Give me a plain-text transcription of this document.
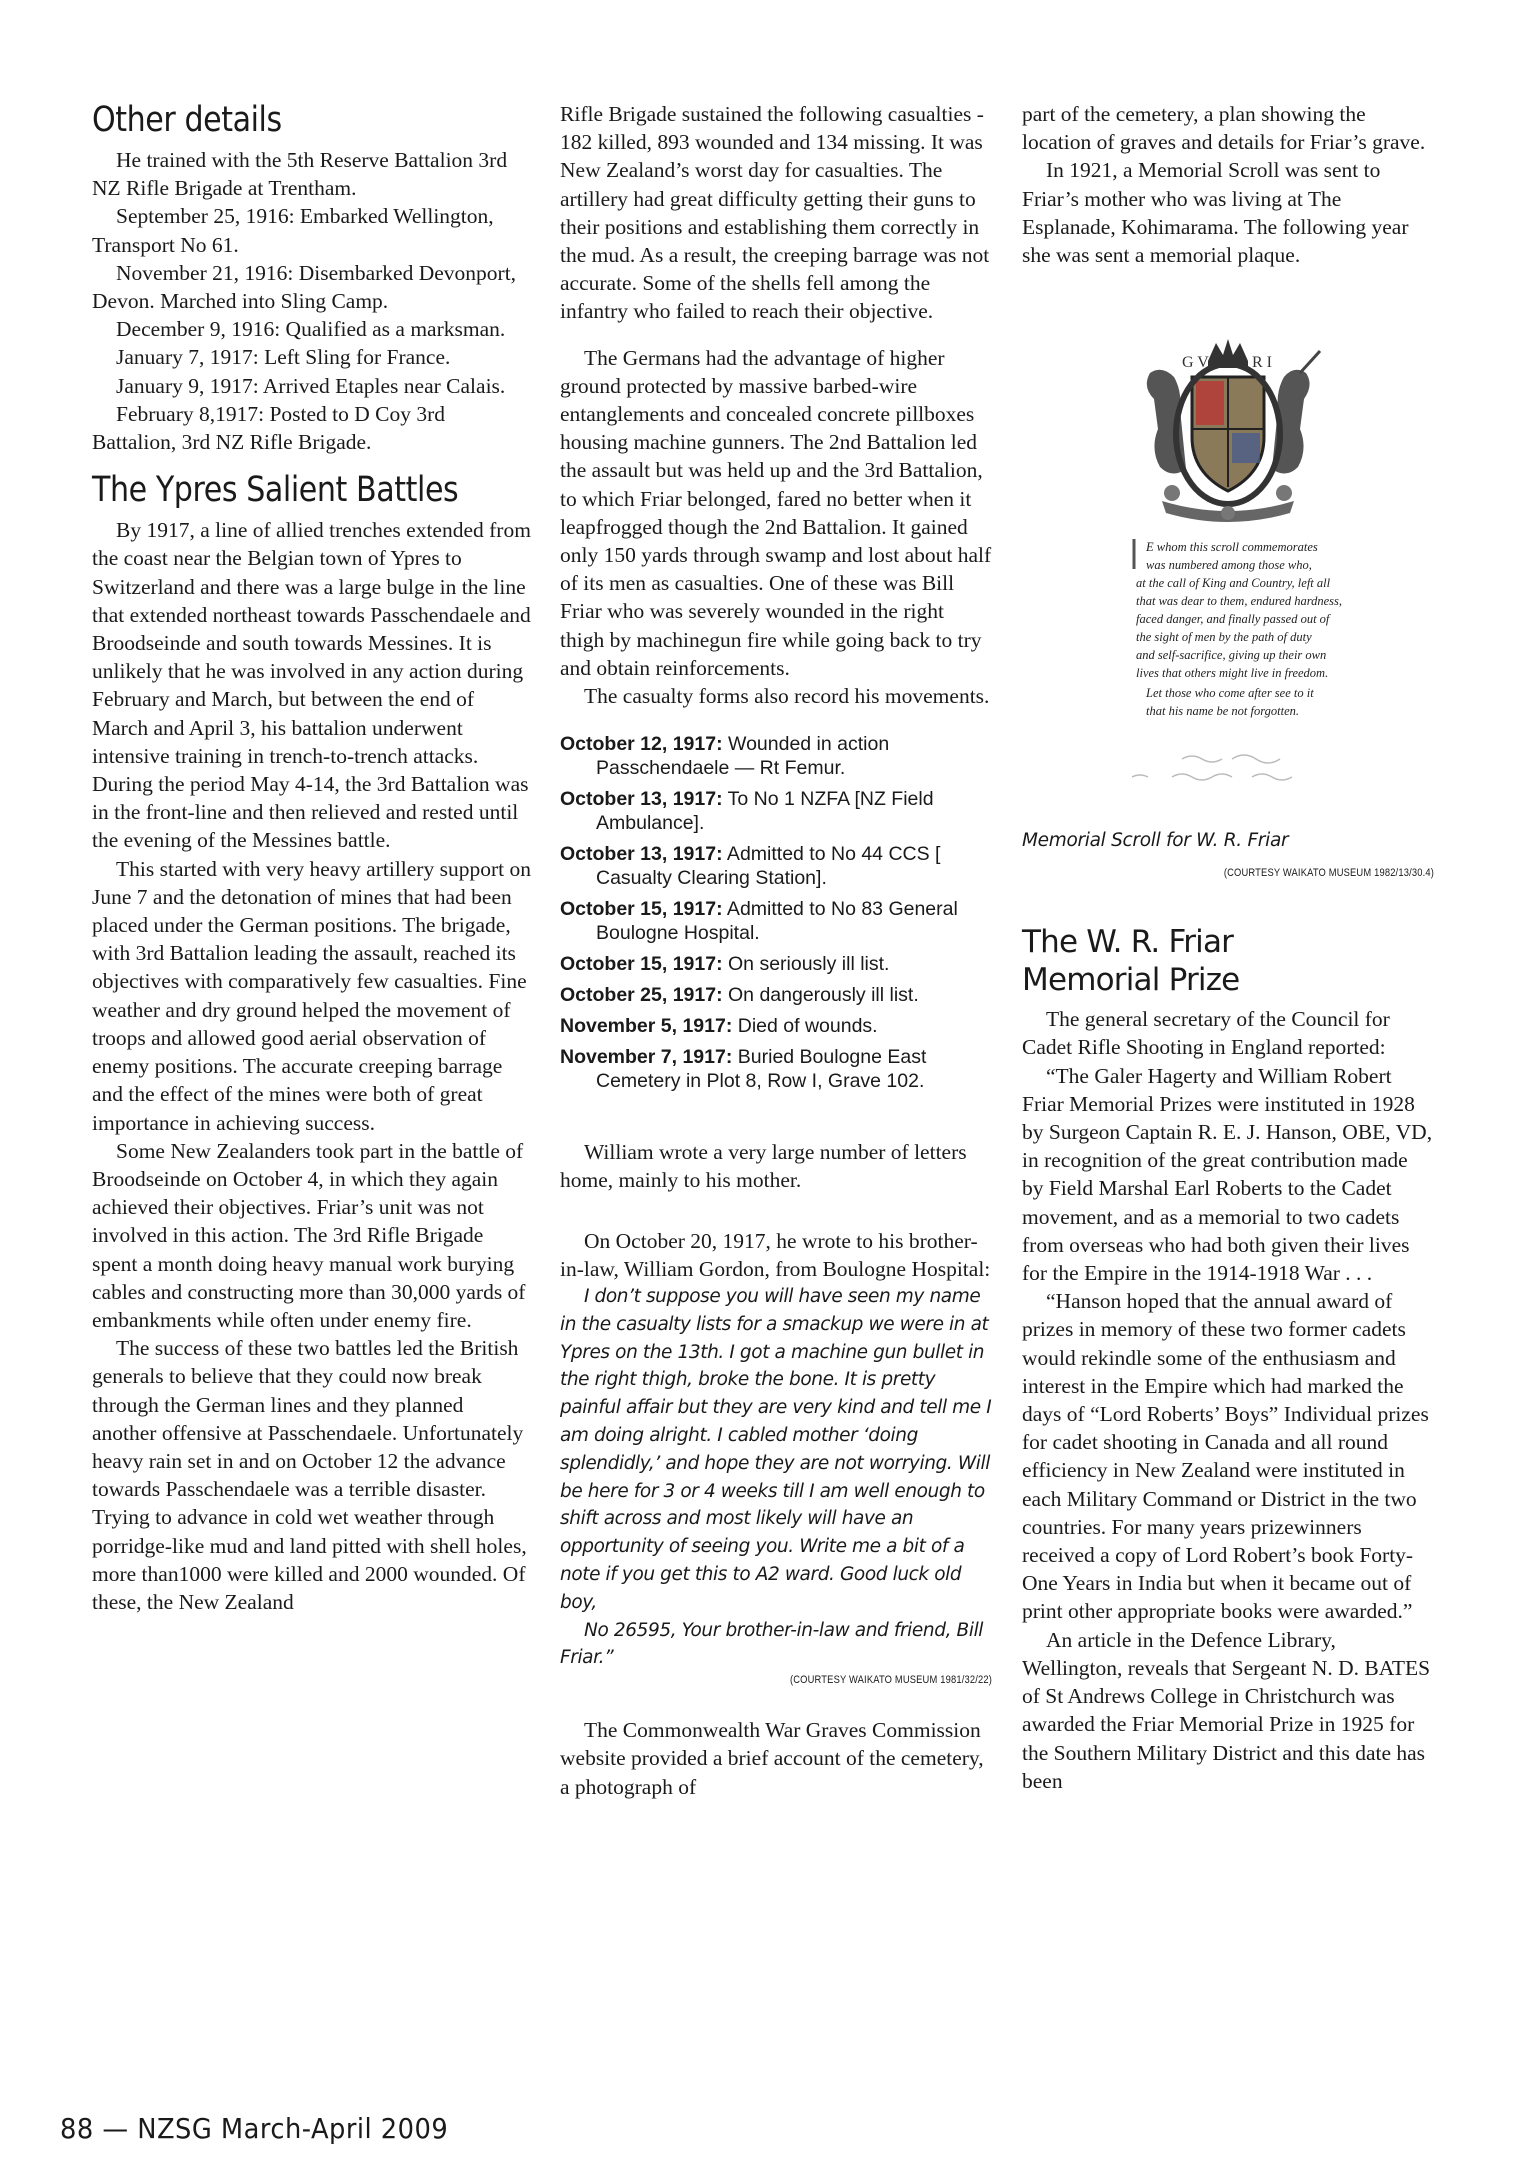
Other details

He trained with the 5th Reserve Battalion 3rd NZ Rifle Brigade at Trentham.

September 25, 1916: Embarked Wellington, Transport No 61.

November 21, 1916: Disembarked Devonport, Devon. Marched into Sling Camp.

December 9, 1916: Qualified as a marksman.

January 7, 1917: Left Sling for France.

January 9, 1917: Arrived Etaples near Calais.

February 8,1917: Posted to D Coy 3rd Battalion, 3rd NZ Rifle Brigade.

The Ypres Salient Battles

By 1917, a line of allied trenches extended from the coast near the Belgian town of Ypres to Switzerland and there was a large bulge in the line that extended northeast towards Passchendaele and Broodseinde and south towards Messines. It is unlikely that he was involved in any action during February and March, but between the end of March and April 3, his battalion underwent intensive training in trench-to-trench attacks. During the period May 4-14, the 3rd Battalion was in the front-line and then relieved and rested until the evening of the Messines battle.

This started with very heavy artillery support on June 7 and the detonation of mines that had been placed under the German positions. The brigade, with 3rd Battalion leading the assault, reached its objectives with comparatively few casualties. Fine weather and dry ground helped the movement of troops and allowed good aerial observation of enemy positions. The accurate creeping barrage and the effect of the mines were both of great importance in achieving success.

Some New Zealanders took part in the battle of Broodseinde on October 4, in which they again achieved their objectives. Friar’s unit was not involved in this action. The 3rd Rifle Brigade spent a month doing heavy manual work burying cables and constructing more than 30,000 yards of embankments while often under enemy fire.

The success of these two battles led the British generals to believe that they could now break through the German lines and they planned another offensive at Passchendaele. Unfortunately heavy rain set in and on October 12 the advance towards Passchendaele was a terrible disaster. Trying to advance in cold wet weather through porridge-like mud and land pitted with shell holes, more than1000 were killed and 2000 wounded. Of these, the New Zealand

Rifle Brigade sustained the following casualties - 182 killed, 893 wounded and 134 missing. It was New Zealand’s worst day for casualties. The artillery had great difficulty getting their guns to their positions and establishing them correctly in the mud. As a result, the creeping barrage was not accurate. Some of the shells fell among the infantry who failed to reach their objective.

The Germans had the advantage of higher ground protected by massive barbed-wire entanglements and concealed concrete pillboxes housing machine gunners. The 2nd Battalion led the assault but was held up and the 3rd Battalion, to which Friar belonged, fared no better when it leapfrogged though the 2nd Battalion. It gained only 150 yards through swamp and lost about half of its men as casualties. One of these was Bill Friar who was severely wounded in the right thigh by machinegun fire while going back to try and obtain reinforcements.

The casualty forms also record his movements.

October 12, 1917: Wounded in action Passchendaele — Rt Femur.
October 13, 1917: To No 1 NZFA [NZ Field Ambulance].
October 13, 1917: Admitted to No 44 CCS [ Casualty Clearing Station].
October 15, 1917: Admitted to No 83 General Boulogne Hospital.
October 15, 1917: On seriously ill list.
October 25, 1917: On dangerously ill list.
November 5, 1917: Died of wounds.
November 7, 1917: Buried Boulogne East Cemetery in Plot 8, Row I, Grave 102.

William wrote a very large number of letters home, mainly to his mother.

On October 20, 1917, he wrote to his brother-in-law, William Gordon, from Boulogne Hospital:

I don’t suppose you will have seen my name in the casualty lists for a smackup we were in at Ypres on the 13th. I got a machine gun bullet in the right thigh, broke the bone. It is pretty painful affair but they are very kind and tell me I am doing alright. I cabled mother ‘doing splendidly,’ and hope they are not worrying. Will be here for 3 or 4 weeks till I am well enough to shift across and most likely will have an opportunity of seeing you. Write me a bit of a note if you get this to A2 ward. Good luck old boy,

No 26595, Your brother-in-law and friend, Bill Friar.”

(COURTESY WAIKATO MUSEUM 1981/32/22)

The Commonwealth War Graves Commission website provided a brief account of the cemetery, a photograph of

part of the cemetery, a plan showing the location of graves and details for Friar’s grave.

In 1921, a Memorial Scroll was sent to Friar’s mother who was living at The Esplanade, Kohimarama. The following year she was sent a memorial plaque.

G V	R I
E whom this scroll commemorates
was numbered among those who,
at the call of King and Country, left all
that was dear to them, endured hardness,
faced danger, and finally passed out of
the sight of men by the path of duty
and self-sacrifice, giving up their own
lives that others might live in freedom.
Let those who come after see to it
that his name be not forgotten.

Memorial Scroll for W. R. Friar

(COURTESY WAIKATO MUSEUM 1982/13/30.4)
The W. R. Friar Memorial Prize

The general secretary of the Council for Cadet Rifle Shooting in England reported:

“The Galer Hagerty and William Robert Friar Memorial Prizes were instituted in 1928 by Surgeon Captain R. E. J. Hanson, OBE, VD, in recognition of the great contribution made by Field Marshal Earl Roberts to the Cadet movement, and as a memorial to two cadets from overseas who had both given their lives for the Empire in the 1914-1918 War . . .

“Hanson hoped that the annual award of prizes in memory of these two former cadets would rekindle some of the enthusiasm and interest in the Empire which had marked the days of “Lord Roberts’ Boys” Individual prizes for cadet shooting in Canada and all round efficiency in New Zealand were instituted in each Military Command or District in the two countries. For many years prizewinners received a copy of Lord Robert’s book Forty-One Years in India but when it became out of print other appropriate books were awarded.”

An article in the Defence Library, Wellington, reveals that Sergeant N. D. BATES of St Andrews College in Christchurch was awarded the Friar Memorial Prize in 1925 for the Southern Military District and this date has been

88 — NZSG March-April 2009
